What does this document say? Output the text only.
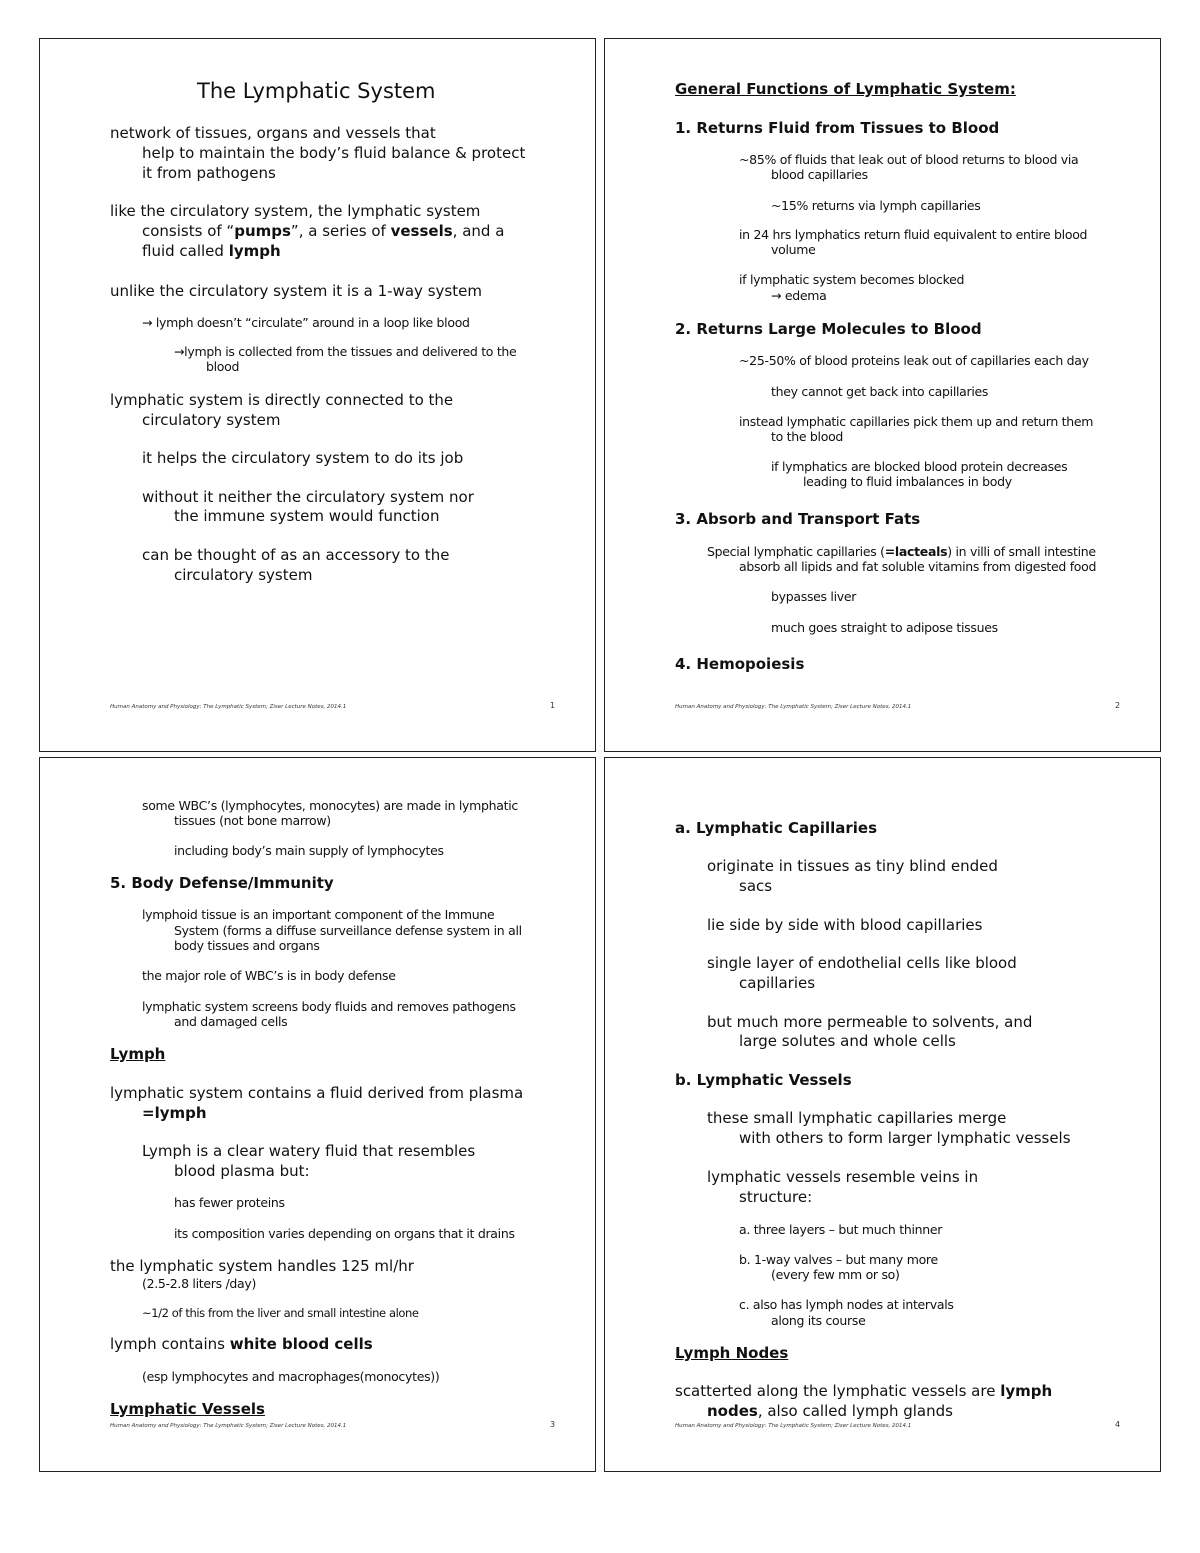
The Lymphatic System
network of tissues, organs and vessels that
help to maintain the body’s fluid balance & protect
it from pathogens
like the circulatory system, the lymphatic system
consists of “pumps”, a series of vessels, and a
fluid called lymph
unlike the circulatory system it is a 1-way system
→ lymph doesn’t “circulate” around in a loop like blood
→lymph is collected from the tissues and delivered to the
blood
lymphatic system is directly connected to the
circulatory system
it helps the circulatory system to do its job
without it neither the circulatory system nor
the immune system would function
can be thought of as an accessory to the
circulatory system
Human Anatomy and Physiology: The Lymphatic System; Ziser Lecture Notes, 2014.1	1
General Functions of Lymphatic System:
1. Returns Fluid from Tissues to Blood
~85% of fluids that leak out of blood returns to blood via
blood capillaries
~15% returns via lymph capillaries
in 24 hrs lymphatics return fluid equivalent to entire blood
volume
if lymphatic system becomes blocked
→ edema
2. Returns Large Molecules to Blood
~25-50% of blood proteins leak out of capillaries each day
they cannot get back into capillaries
instead lymphatic capillaries pick them up and return them
to the blood
if lymphatics are blocked blood protein decreases
leading to fluid imbalances in body
3. Absorb and Transport Fats
Special lymphatic capillaries (=lacteals) in villi of small intestine
absorb all lipids and fat soluble vitamins from digested food
bypasses liver
much goes straight to adipose tissues
4. Hemopoiesis
Human Anatomy and Physiology: The Lymphatic System; Ziser Lecture Notes, 2014.1	2
some WBC’s (lymphocytes, monocytes) are made in lymphatic
tissues (not bone marrow)
including body’s main supply of lymphocytes
5. Body Defense/Immunity
lymphoid tissue is an important component of the Immune
System (forms a diffuse surveillance defense system in all
body tissues and organs
the major role of WBC’s is in body defense
lymphatic system screens body fluids and removes pathogens
and damaged cells
Lymph
lymphatic system contains a fluid derived from plasma
=lymph
Lymph is a clear watery fluid that resembles
blood plasma but:
has fewer proteins
its composition varies depending on organs that it drains
the lymphatic system handles 125 ml/hr
(2.5-2.8 liters /day)
~1/2 of this from the liver and small intestine alone
lymph contains white blood cells
(esp lymphocytes and macrophages(monocytes))
Lymphatic Vessels
Human Anatomy and Physiology: The Lymphatic System; Ziser Lecture Notes, 2014.1	3
a. Lymphatic Capillaries
originate in tissues as tiny blind ended
sacs
lie side by side with blood capillaries
single layer of endothelial cells like blood
capillaries
but much more permeable to solvents, and
large solutes and whole cells
b. Lymphatic Vessels
these small lymphatic capillaries merge
with others to form larger lymphatic vessels
lymphatic vessels resemble veins in
structure:
a. three layers – but much thinner
b. 1-way valves – but many more
(every few mm or so)
c. also has lymph nodes at intervals
along its course
Lymph Nodes
scatterted along the lymphatic vessels are lymph
nodes, also called lymph glands
Human Anatomy and Physiology: The Lymphatic System; Ziser Lecture Notes, 2014.1	4
